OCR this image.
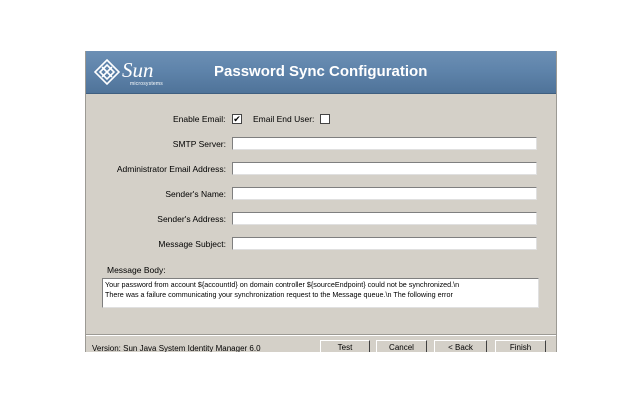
Sun
microsystems
Password Sync Configuration
Enable Email: ✔ Email End User:
SMTP Server:
Administrator Email Address:
Sender's Name:
Sender's Address:
Message Subject:
Message Body:
Your password from account ${accountId} on domain controller ${sourceEndpoint} could not be synchronized.\n
There was a failure communicating your synchronization request to the Message queue.\n The following error
Version: Sun Java System Identity Manager 6.0	Test	Cancel	< Back	Finish
